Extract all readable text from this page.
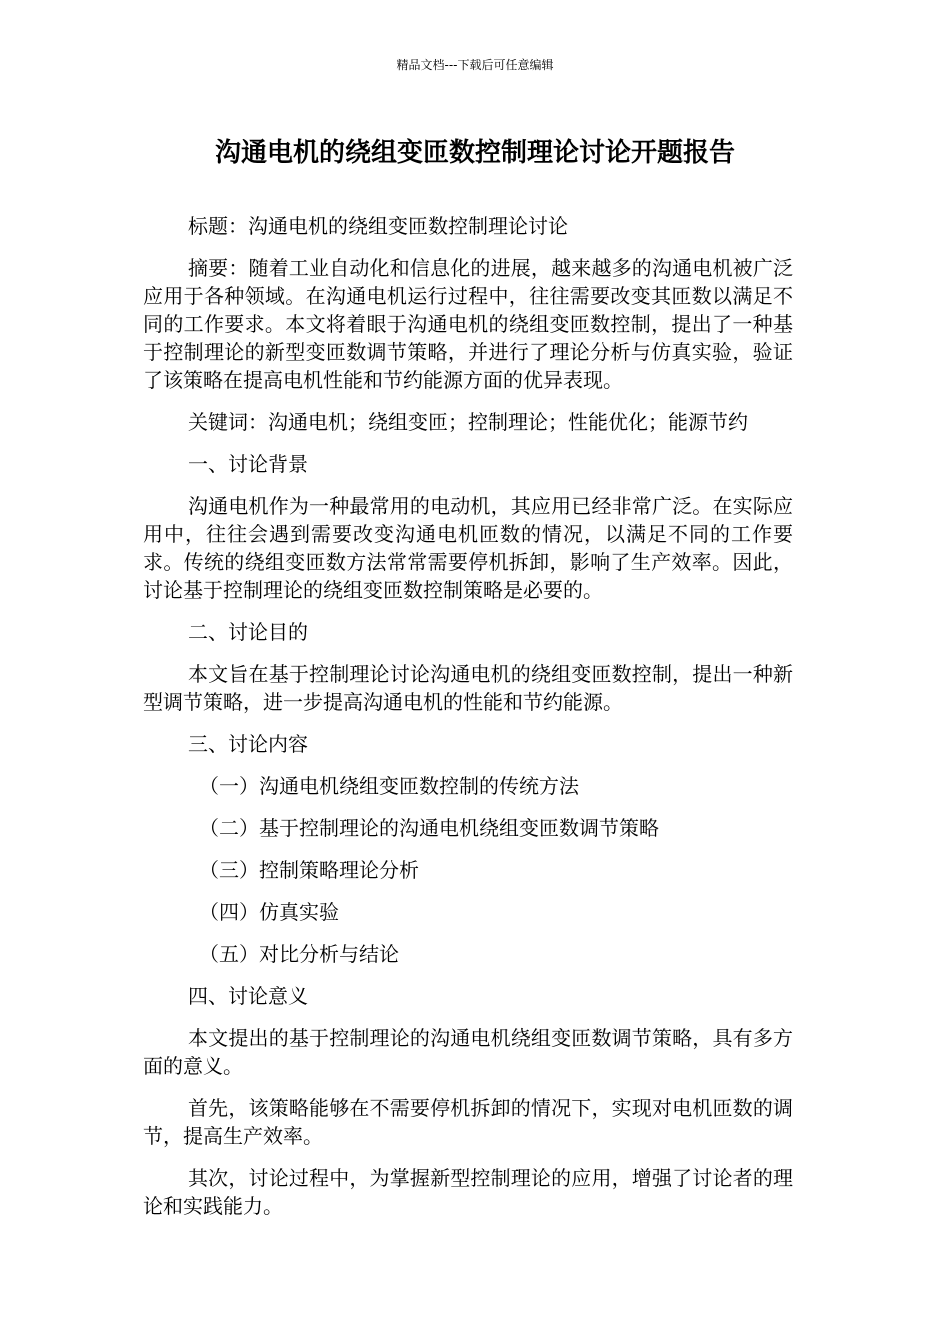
精品文档---下载后可任意编辑
沟通电机的绕组变匝数控制理论讨论开题报告

标题：沟通电机的绕组变匝数控制理论讨论

摘要：随着工业自动化和信息化的进展，越来越多的沟通电机被广泛应用于各种领域。在沟通电机运行过程中，往往需要改变其匝数以满足不同的工作要求。本文将着眼于沟通电机的绕组变匝数控制，提出了一种基于控制理论的新型变匝数调节策略，并进行了理论分析与仿真实验，验证了该策略在提高电机性能和节约能源方面的优异表现。

关键词：沟通电机；绕组变匝；控制理论；性能优化；能源节约

一、讨论背景

沟通电机作为一种最常用的电动机，其应用已经非常广泛。在实际应用中，往往会遇到需要改变沟通电机匝数的情况，以满足不同的工作要求。传统的绕组变匝数方法常常需要停机拆卸，影响了生产效率。因此，讨论基于控制理论的绕组变匝数控制策略是必要的。

二、讨论目的

本文旨在基于控制理论讨论沟通电机的绕组变匝数控制，提出一种新型调节策略，进一步提高沟通电机的性能和节约能源。

三、讨论内容

（一）沟通电机绕组变匝数控制的传统方法
（二）基于控制理论的沟通电机绕组变匝数调节策略
（三）控制策略理论分析
（四）仿真实验
（五）对比分析与结论

四、讨论意义

本文提出的基于控制理论的沟通电机绕组变匝数调节策略，具有多方面的意义。

首先，该策略能够在不需要停机拆卸的情况下，实现对电机匝数的调节，提高生产效率。

其次，讨论过程中，为掌握新型控制理论的应用，增强了讨论者的理论和实践能力。
